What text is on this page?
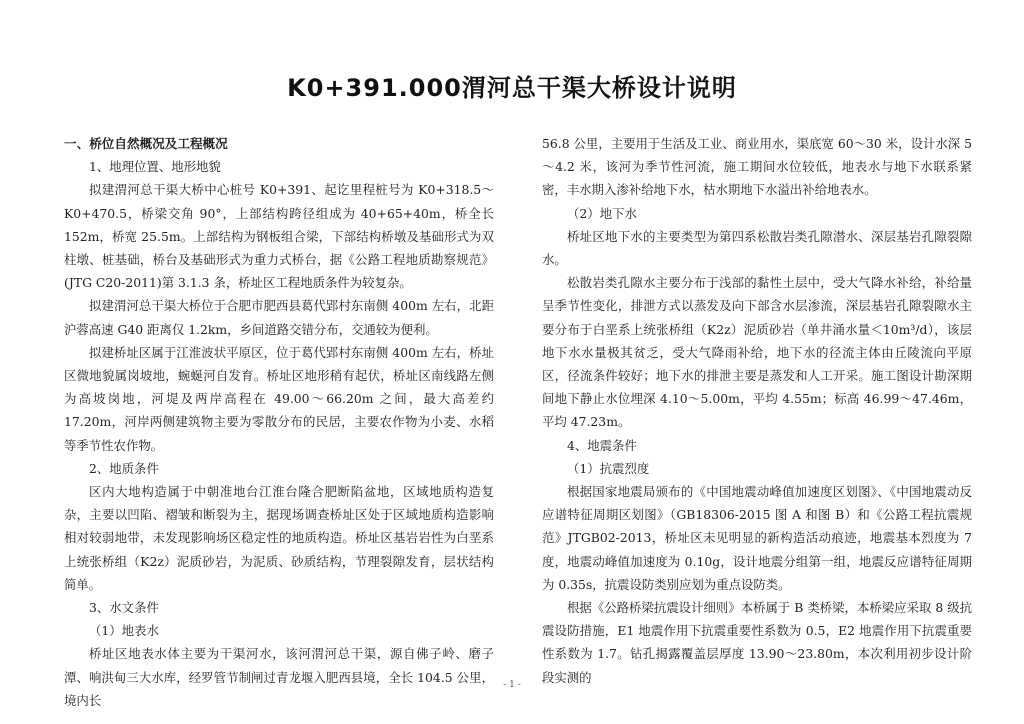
K0+391.000渭河总干渠大桥设计说明

一、桥位自然概况及工程概况

1、地理位置、地形地貌

拟建渭河总干渠大桥中心桩号 K0+391、起讫里程桩号为 K0+318.5～K0+470.5，桥梁交角 90°，上部结构跨径组成为 40+65+40m，桥全长 152m，桥宽 25.5m。上部结构为钢板组合梁，下部结构桥墩及基础形式为双柱墩、桩基础，桥台及基础形式为重力式桥台，据《公路工程地质勘察规范》(JTG C20-2011)第 3.1.3 条，桥址区工程地质条件为较复杂。

拟建渭河总干渠大桥位于合肥市肥西县葛代郢村东南侧 400m 左右，北距沪蓉高速 G40 距离仅 1.2km，乡间道路交错分布，交通较为便利。

拟建桥址区属于江淮波状平原区，位于葛代郢村东南侧 400m 左右，桥址区微地貌属岗坡地，蜿蜒河自发育。桥址区地形稍有起伏，桥址区南线路左侧为高坡岗地，河堤及两岸高程在 49.00～66.20m 之间，最大高差约 17.20m，河岸两侧建筑物主要为零散分布的民居，主要农作物为小麦、水稻等季节性农作物。

2、地质条件

区内大地构造属于中朝准地台江淮台隆合肥断陷盆地，区域地质构造复杂，主要以凹陷、褶皱和断裂为主，据现场调查桥址区处于区域地质构造影响相对较弱地带，未发现影响场区稳定性的地质构造。桥址区基岩岩性为白垩系上统张桥组（K2z）泥质砂岩，为泥质、砂质结构，节理裂隙发育，层状结构简单。

3、水文条件

（1）地表水

桥址区地表水体主要为干渠河水，该河渭河总干渠，源自佛子岭、磨子潭、响洪甸三大水库，经罗管节制闸过青龙堰入肥西县境，全长 104.5 公里，境内长

56.8 公里，主要用于生活及工业、商业用水，渠底宽 60～30 米，设计水深 5～4.2 米，该河为季节性河流，施工期间水位较低，地表水与地下水联系紧密，丰水期入渗补给地下水，枯水期地下水溢出补给地表水。

（2）地下水

桥址区地下水的主要类型为第四系松散岩类孔隙潜水、深层基岩孔隙裂隙水。

松散岩类孔隙水主要分布于浅部的黏性土层中，受大气降水补给，补给量呈季节性变化，排泄方式以蒸发及向下部含水层渗流，深层基岩孔隙裂隙水主要分布于白垩系上统张桥组（K2z）泥质砂岩（单井涌水量＜10m³/d），该层地下水水量极其贫乏，受大气降雨补给，地下水的径流主体由丘陵流向平原区，径流条件较好；地下水的排泄主要是蒸发和人工开采。施工图设计勘深期间地下静止水位埋深 4.10～5.00m，平均 4.55m；标高 46.99～47.46m，平均 47.23m。

4、地震条件

（1）抗震烈度

根据国家地震局颁布的《中国地震动峰值加速度区划图》、《中国地震动反应谱特征周期区划图》（GB18306-2015 图 A 和图 B）和《公路工程抗震规范》JTGB02-2013，桥址区未见明显的新构造活动痕迹，地震基本烈度为 7 度，地震动峰值加速度为 0.10g，设计地震分组第一组，地震反应谱特征周期为 0.35s，抗震设防类别应划为重点设防类。

根据《公路桥梁抗震设计细则》本桥属于 B 类桥梁，本桥梁应采取 8 级抗震设防措施，E1 地震作用下抗震重要性系数为 0.5，E2 地震作用下抗震重要性系数为 1.7。钻孔揭露覆盖层厚度 13.90～23.80m，本次利用初步设计阶段实测的

- 1 -
